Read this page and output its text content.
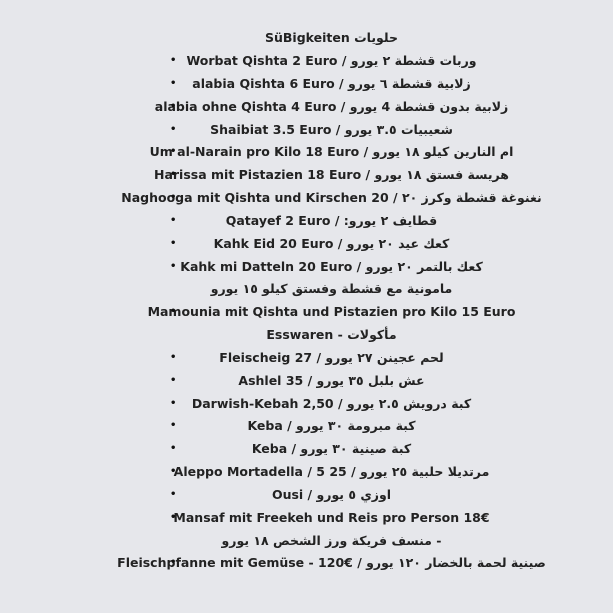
SüBigkeiten حلويات
•
وربات قشطة ٢ يورو / Worbat Qishta 2 Euro
•
زلابية قشطة ٦ يورو / alabia Qishta 6 Euro
•
زلابية بدون قشطة 4 يورو / alabia ohne Qishta 4 Euro
•
شعيبيات ٣.٥ يورو / Shaibiat 3.5 Euro
•
ام النارين كيلو ١٨ يورو / Um al-Narain pro Kilo 18 Euro
•
هريسة فستق ١٨ يورو / Harissa mit Pistazien 18 Euro
•
نغنوغة قشطة وكرز ٢٠ / Naghooga mit Qishta und Kirschen 20
•
قطايف ٢ يورو: / Qatayef 2 Euro
•
كعك عيد ٢٠ يورو / Kahk Eid 20 Euro
•
كعك بالتمر ٢٠ يورو / Kahk mi Datteln 20 Euro
مامونية مع قشطة وفستق كيلو ١٥ يورو
•
Mamounia mit Qishta und Pistazien pro Kilo 15 Euro
Esswaren - مأكولات
•
لحم عجينن ٢٧ يورو / 27 Fleischeig
•
عش بلبل ٣٥ يورو / 35 Ashlel
•
كبة درويش ٢.٥ يورو / 2,50 Darwish-Kebah
•
كبة مبرومة ٣٠ يورو / Keba
•
كبة صينية ٣٠ يورو / Keba
•
مرتديلا حلبية ٢٥ يورو / 25 Aleppo Mortadella / 5
•
اوزي ٥ يورو / Ousi
•
Mansaf mit Freekeh und Reis pro Person 18€
- منسف فريكة ورز الشخص ١٨ يورو
•
صينية لحمة بالخضار ١٢٠ يورو / Fleischpfanne mit Gemüse - 120€
